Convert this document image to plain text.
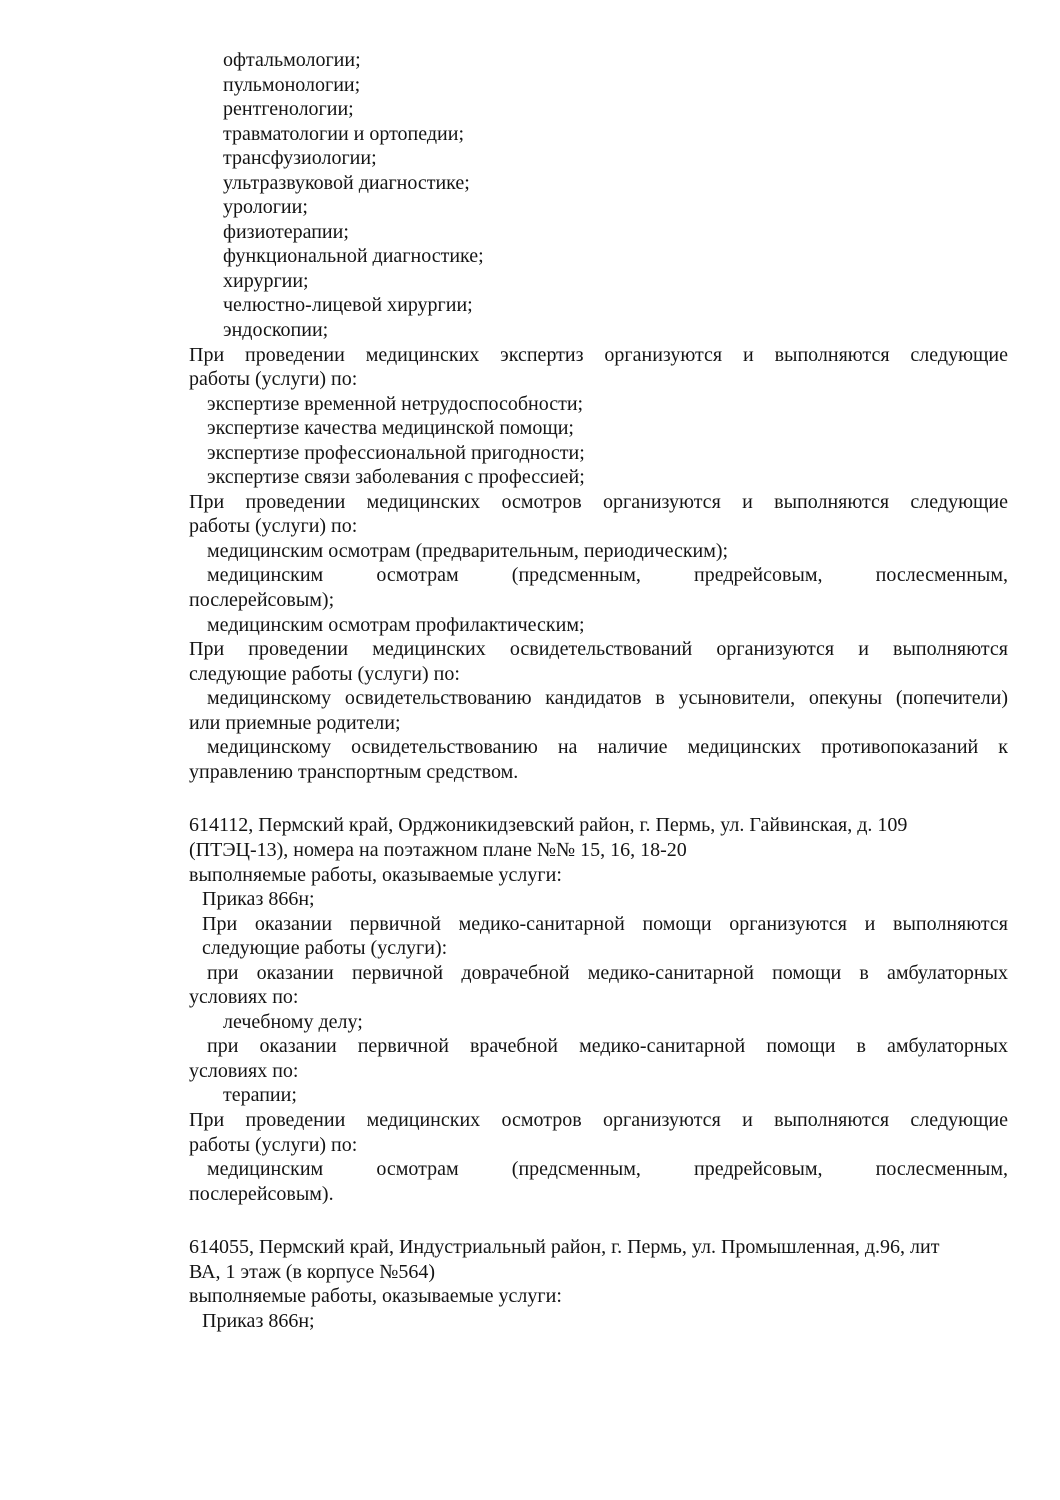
офтальмологии;
пульмонологии;
рентгенологии;
травматологии и ортопедии;
трансфузиологии;
ультразвуковой диагностике;
урологии;
физиотерапии;
функциональной диагностике;
хирургии;
челюстно-лицевой хирургии;
эндоскопии;
При проведении медицинских экспертиз организуются и выполняются следующие
работы (услуги) по:
экспертизе временной нетрудоспособности;
экспертизе качества медицинской помощи;
экспертизе профессиональной пригодности;
экспертизе связи заболевания с профессией;
При проведении медицинских осмотров организуются и выполняются следующие
работы (услуги) по:
медицинским осмотрам (предварительным, периодическим);
медицинским осмотрам (предсменным, предрейсовым, послесменным,
послерейсовым);
медицинским осмотрам профилактическим;
При проведении медицинских освидетельствований организуются и выполняются
следующие работы (услуги) по:
медицинскому освидетельствованию кандидатов в усыновители, опекуны (попечители)
или приемные родители;
медицинскому освидетельствованию на наличие медицинских противопоказаний к
управлению транспортным средством.
614112, Пермский край, Орджоникидзевский район, г. Пермь, ул. Гайвинская, д. 109
(ПТЭЦ-13), номера на поэтажном плане №№ 15, 16, 18-20
выполняемые работы, оказываемые услуги:
Приказ 866н;
При оказании первичной медико-санитарной помощи организуются и выполняются
следующие работы (услуги):
при оказании первичной доврачебной медико-санитарной помощи в амбулаторных
условиях по:
лечебному делу;
при оказании первичной врачебной медико-санитарной помощи в амбулаторных
условиях по:
терапии;
При проведении медицинских осмотров организуются и выполняются следующие
работы (услуги) по:
медицинским осмотрам (предсменным, предрейсовым, послесменным,
послерейсовым).
614055, Пермский край, Индустриальный район, г. Пермь, ул. Промышленная, д.96, лит
ВА, 1 этаж (в корпусе №564)
выполняемые работы, оказываемые услуги:
Приказ 866н;
